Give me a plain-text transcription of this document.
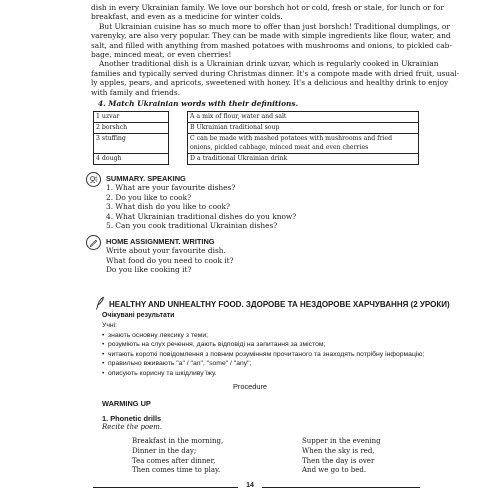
dish in every Ukrainian family. We love our borshch hot or cold, fresh or stale, for lunch or for
breakfast, and even as a medicine for winter colds.
But Ukrainian cuisine has so much more to offer than just borshch! Traditional dumplings, or
varenyky, are also very popular. They can be made with simple ingredients like flour, water, and
salt, and filled with anything from mashed potatoes with mushrooms and onions, to pickled cab-
bage, minced meat, or even cherries!
Another traditional dish is a Ukrainian drink uzvar, which is regularly cooked in Ukrainian
families and typically served during Christmas dinner. It's a compote made with dried fruit, usual-
ly apples, pears, and apricots, sweetened with honey. It's a delicious and healthy drink to enjoy
with family and friends.
4. Match Ukrainian words with their definitions.
1 uzvar		A a mix of flour, water and salt
2 borshch		B Ukrainian traditional soup
3 stuffing		C can be made with mashed potatoes with mushrooms and fried onions, pickled cabbage, minced meat and even cherries
4 dough		D a traditional Ukrainian drink
SUMMARY. SPEAKING
1. What are your favourite dishes?
2. Do you like to cook?
3. What dish do you like to cook?
4. What Ukrainian traditional dishes do you know?
5. Can you cook traditional Ukrainian dishes?
HOME ASSIGNMENT. WRITING
Write about your favourite dish.
What food do you need to cook it?
Do you like cooking it?
HEALTHY AND UNHEALTHY FOOD. ЗДОРОВЕ ТА НЕЗДОРОВЕ ХАРЧУВАННЯ (2 УРОКИ)
Очікувані результати
Учні:
• знають основну лексику з теми;
• розуміють на слух речення, дають відповіді на запитання за змістом;
• читають короткі повідомлення з повним розумінням прочитаного та знаходять потрібну інформацію;
• правильно вживають "a" / "an", "some" / "any";
• описують корисну та шкідливу їжу.
Procedure
WARMING UP
1. Phonetic drills
Recite the poem.
Breakfast in the morning,
Dinner in the day;
Tea comes after dinner,
Then comes time to play.
Supper in the evening
When the sky is red,
Then the day is over
And we go to bed.
14
